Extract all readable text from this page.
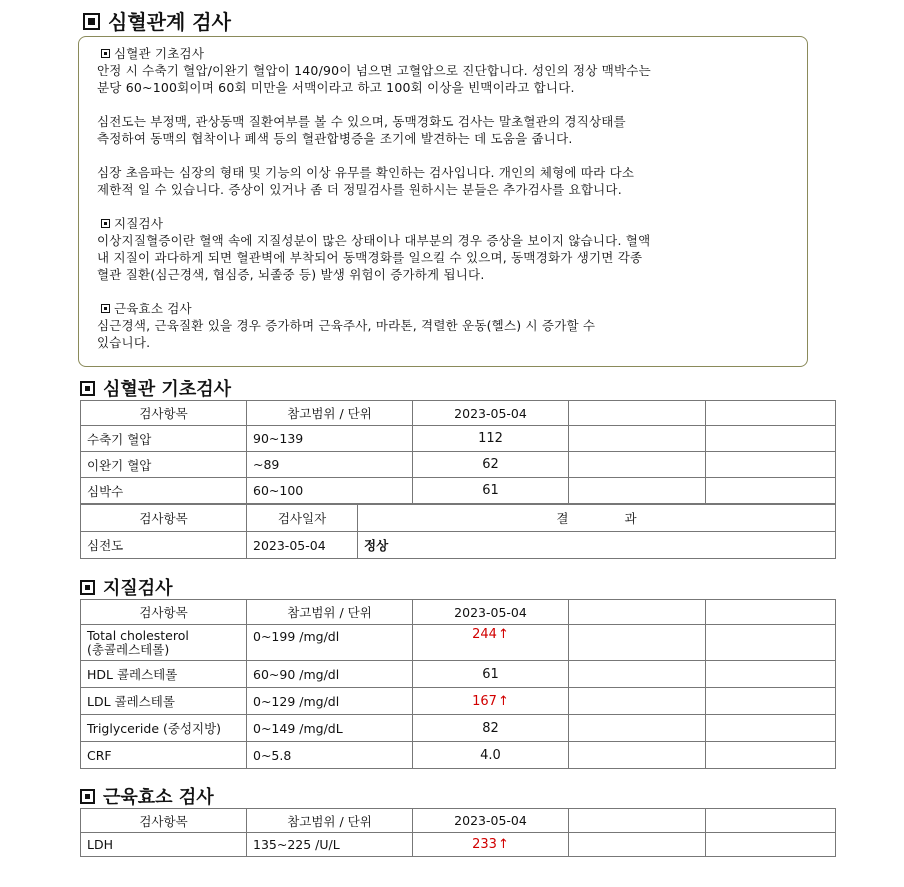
심혈관계 검사

심혈관 기초검사

안정 시 수축기 혈압/이완기 혈압이 140/90이 넘으면 고혈압으로 진단합니다. 성인의 정상 맥박수는
분당 60~100회이며 60회 미만을 서맥이라고 하고 100회 이상을 빈맥이라고 합니다.

심전도는 부정맥, 관상동맥 질환여부를 볼 수 있으며, 동맥경화도 검사는 말초혈관의 경직상태를
측정하여 동맥의 협착이나 폐색 등의 혈관합병증을 조기에 발견하는 데 도움을 줍니다.

심장 초음파는 심장의 형태 및 기능의 이상 유무를 확인하는 검사입니다. 개인의 체형에 따라 다소
제한적 일 수 있습니다. 증상이 있거나 좀 더 정밀검사를 원하시는 분들은 추가검사를 요합니다.

지질검사

이상지질혈증이란 혈액 속에 지질성분이 많은 상태이나 대부분의 경우 증상을 보이지 않습니다. 혈액
내 지질이 과다하게 되면 혈관벽에 부착되어 동맥경화를 일으킬 수 있으며, 동맥경화가 생기면 각종
혈관 질환(심근경색, 협심증, 뇌졸중 등) 발생 위험이 증가하게 됩니다.

근육효소 검사

심근경색, 근육질환 있을 경우 증가하며 근육주사, 마라톤, 격렬한 운동(헬스) 시 증가할 수
있습니다.

심혈관 기초검사
검사항목	참고범위 / 단위	2023-05-04		
수축기 혈압	90~139	112		
이완기 혈압	~89	62		
심박수	60~100	61		
검사항목	검사일자	결 과
심전도	2023-05-04	정상
지질검사
검사항목	참고범위 / 단위	2023-05-04		
Total cholesterol
(총콜레스테롤)	0~199 /mg/dl	244↑		
HDL 콜레스테롤	60~90 /mg/dl	61		
LDL 콜레스테롤	0~129 /mg/dl	167↑		
Triglyceride (중성지방)	0~149 /mg/dL	82		
CRF	0~5.8	4.0		
근육효소 검사
검사항목	참고범위 / 단위	2023-05-04		
LDH	135~225 /U/L	233↑		
